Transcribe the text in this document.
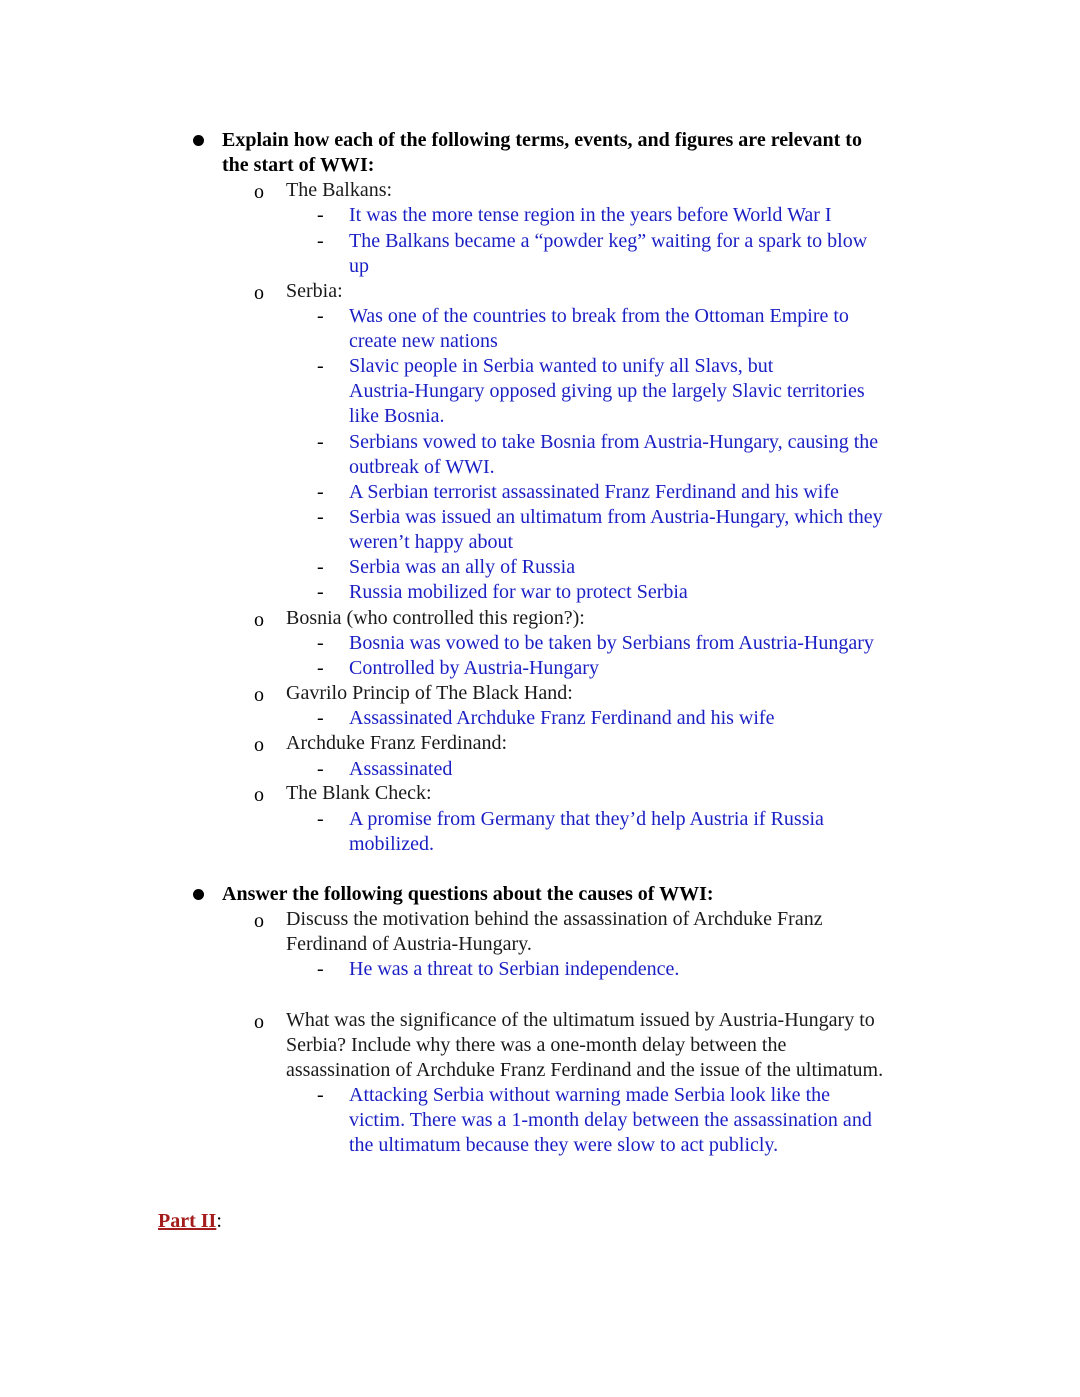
Explain how each of the following terms, events, and figures are relevant to
the start of WWI:
o The Balkans:
- It was the more tense region in the years before World War I
- The Balkans became a “powder keg” waiting for a spark to blow
up
o Serbia:
- Was one of the countries to break from the Ottoman Empire to
create new nations
- Slavic people in Serbia wanted to unify all Slavs, but
Austria-Hungary opposed giving up the largely Slavic territories
like Bosnia.
- Serbians vowed to take Bosnia from Austria-Hungary, causing the
outbreak of WWI.
- A Serbian terrorist assassinated Franz Ferdinand and his wife
- Serbia was issued an ultimatum from Austria-Hungary, which they
weren’t happy about
- Serbia was an ally of Russia
- Russia mobilized for war to protect Serbia
o Bosnia (who controlled this region?):
- Bosnia was vowed to be taken by Serbians from Austria-Hungary
- Controlled by Austria-Hungary
o Gavrilo Princip of The Black Hand:
- Assassinated Archduke Franz Ferdinand and his wife
o Archduke Franz Ferdinand:
- Assassinated
o The Blank Check:
- A promise from Germany that they’d help Austria if Russia
mobilized.
Answer the following questions about the causes of WWI:
o Discuss the motivation behind the assassination of Archduke Franz
Ferdinand of Austria-Hungary.
- He was a threat to Serbian independence.
o What was the significance of the ultimatum issued by Austria-Hungary to
Serbia? Include why there was a one-month delay between the
assassination of Archduke Franz Ferdinand and the issue of the ultimatum.
- Attacking Serbia without warning made Serbia look like the
victim. There was a 1-month delay between the assassination and
the ultimatum because they were slow to act publicly.
Part II:
